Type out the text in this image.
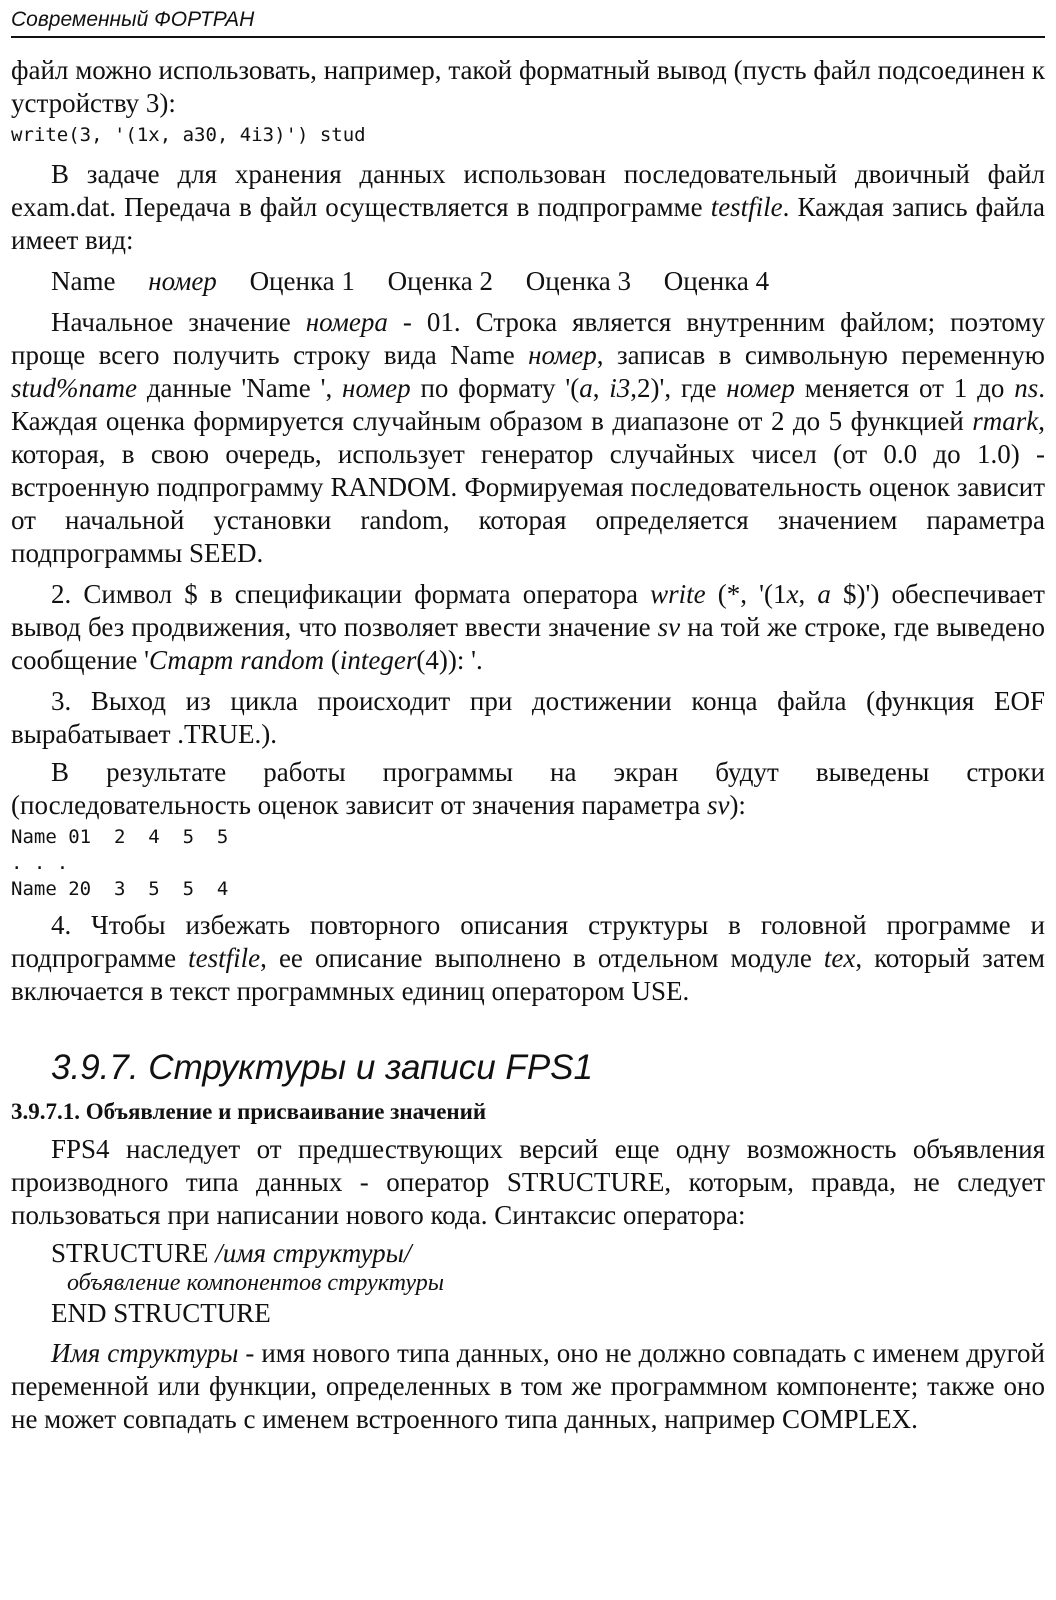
Современный ФОРТРАН

файл можно использовать, например, такой форматный вывод (пусть файл подсоединен к устройству 3):

write(3, '(1x, a30, 4i3)') stud

В задаче для хранения данных использован последовательный двоичный файл exam.dat. Передача в файл осуществляется в подпрограмме testfile. Каждая запись файла имеет вид:

Name номер Оценка 1 Оценка 2 Оценка 3 Оценка 4

Начальное значение номера - 01. Строка является внутренним файлом; поэтому проще всего получить строку вида Name номер, записав в символьную переменную stud%name данные 'Name ', номер по формату '(a, i3,2)', где номер меняется от 1 до ns. Каждая оценка формируется случайным образом в диапазоне от 2 до 5 функцией rmark, которая, в свою очередь, использует генератор случайных чисел (от 0.0 до 1.0) - встроенную подпрограмму RANDOM. Формируемая последовательность оценок зависит от начальной установки random, которая определяется значением параметра подпрограммы SEED.

2. Символ $ в спецификации формата оператора write (*, '(1x, a $)') обеспечивает вывод без продвижения, что позволяет ввести значение sv на той же строке, где выведено сообщение 'Старт random (integer(4)): '.

3. Выход из цикла происходит при достижении конца файла (функция EOF вырабатывает .TRUE.).

В результате работы программы на экран будут выведены строки (последовательность оценок зависит от значения параметра sv):

Name 01  2  4  5  5

. . .

Name 20  3  5  5  4

4. Чтобы избежать повторного описания структуры в головной программе и подпрограмме testfile, ее описание выполнено в отдельном модуле tex, который затем включается в текст программных единиц оператором USE.

3.9.7. Структуры и записи FPS1
3.9.7.1. Объявление и присваивание значений

FPS4 наследует от предшествующих версий еще одну возможность объявления производного типа данных - оператор STRUCTURE, которым, правда, не следует пользоваться при написании нового кода. Синтаксис оператора:

STRUCTURE /имя структуры/

объявление компонентов структуры

END STRUCTURE

Имя структуры - имя нового типа данных, оно не должно совпадать с именем другой переменной или функции, определенных в том же программном компоненте; также оно не может совпадать с именем встроенного типа данных, например COMPLEX.
